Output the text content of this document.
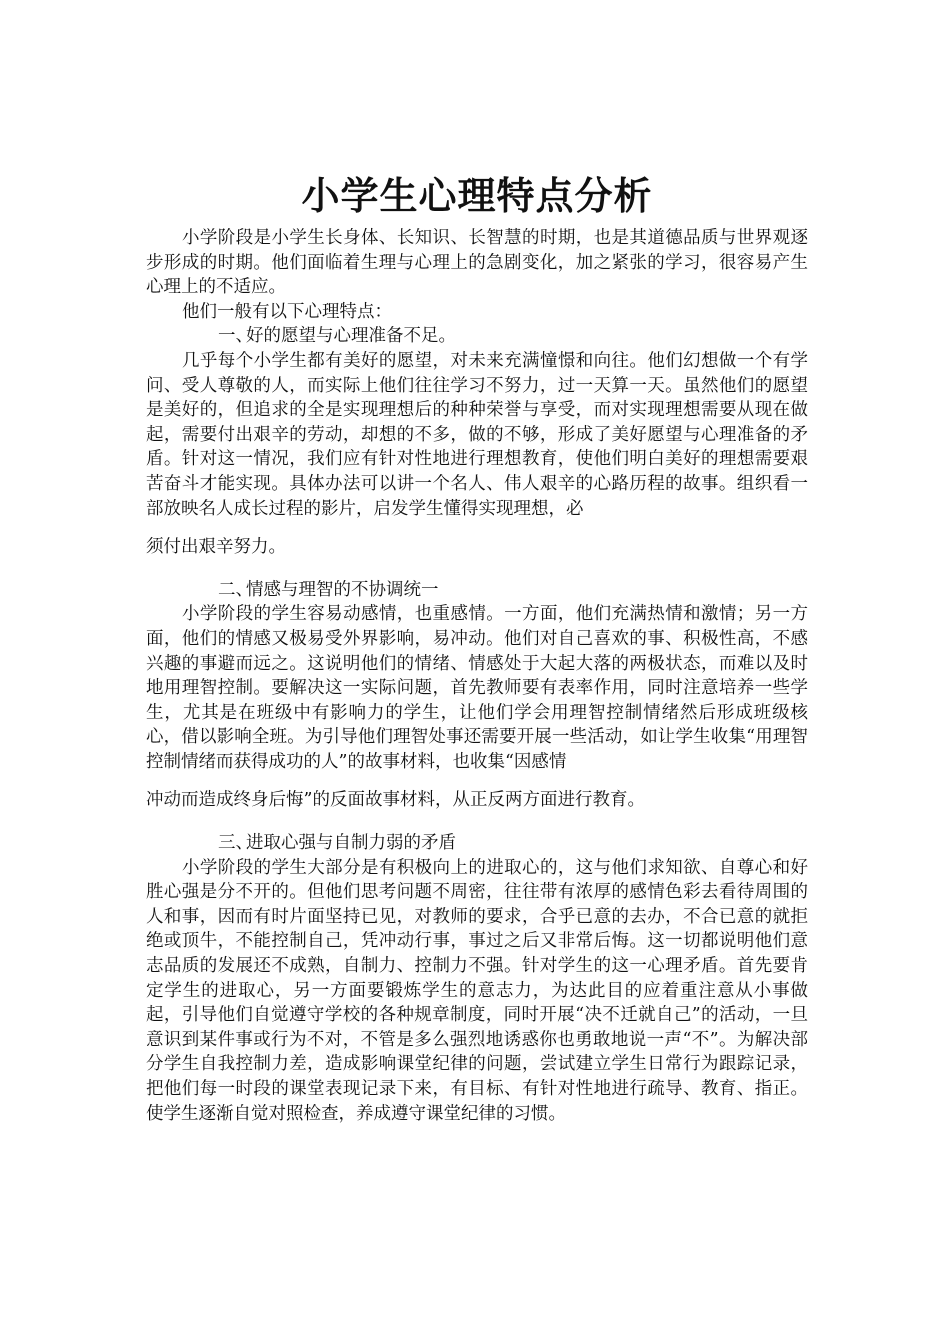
小学生心理特点分析

小学阶段是小学生长身体、长知识、长智慧的时期，也是其道德品质与世界观逐步形成的时期。他们面临着生理与心理上的急剧变化，加之紧张的学习，很容易产生心理上的不适应。

他们一般有以下心理特点：

一、好的愿望与心理准备不足。

几乎每个小学生都有美好的愿望，对未来充满憧憬和向往。他们幻想做一个有学问、受人尊敬的人，而实际上他们往往学习不努力，过一天算一天。虽然他们的愿望是美好的，但追求的全是实现理想后的种种荣誉与享受，而对实现理想需要从现在做起，需要付出艰辛的劳动，却想的不多，做的不够，形成了美好愿望与心理准备的矛盾。针对这一情况，我们应有针对性地进行理想教育，使他们明白美好的理想需要艰苦奋斗才能实现。具体办法可以讲一个名人、伟人艰辛的心路历程的故事。组织看一部放映名人成长过程的影片，启发学生懂得实现理想，必

须付出艰辛努力。

二、情感与理智的不协调统一

小学阶段的学生容易动感情，也重感情。一方面，他们充满热情和激情；另一方面，他们的情感又极易受外界影响，易冲动。他们对自己喜欢的事、积极性高，不感兴趣的事避而远之。这说明他们的情绪、情感处于大起大落的两极状态，而难以及时地用理智控制。要解决这一实际问题，首先教师要有表率作用，同时注意培养一些学生，尤其是在班级中有影响力的学生，让他们学会用理智控制情绪然后形成班级核心，借以影响全班。为引导他们理智处事还需要开展一些活动，如让学生收集“用理智控制情绪而获得成功的人”的故事材料，也收集“因感情

冲动而造成终身后悔”的反面故事材料，从正反两方面进行教育。

三、进取心强与自制力弱的矛盾

小学阶段的学生大部分是有积极向上的进取心的，这与他们求知欲、自尊心和好胜心强是分不开的。但他们思考问题不周密，往往带有浓厚的感情色彩去看待周围的人和事，因而有时片面坚持已见，对教师的要求，合乎已意的去办，不合已意的就拒绝或顶牛，不能控制自己，凭冲动行事，事过之后又非常后悔。这一切都说明他们意志品质的发展还不成熟，自制力、控制力不强。针对学生的这一心理矛盾。首先要肯定学生的进取心，另一方面要锻炼学生的意志力，为达此目的应着重注意从小事做起，引导他们自觉遵守学校的各种规章制度，同时开展“决不迁就自己”的活动，一旦意识到某件事或行为不对，不管是多么强烈地诱惑你也勇敢地说一声“不”。为解决部分学生自我控制力差，造成影响课堂纪律的问题，尝试建立学生日常行为跟踪记录，把他们每一时段的课堂表现记录下来，有目标、有针对性地进行疏导、教育、指正。使学生逐渐自觉对照检查，养成遵守课堂纪律的习惯。
